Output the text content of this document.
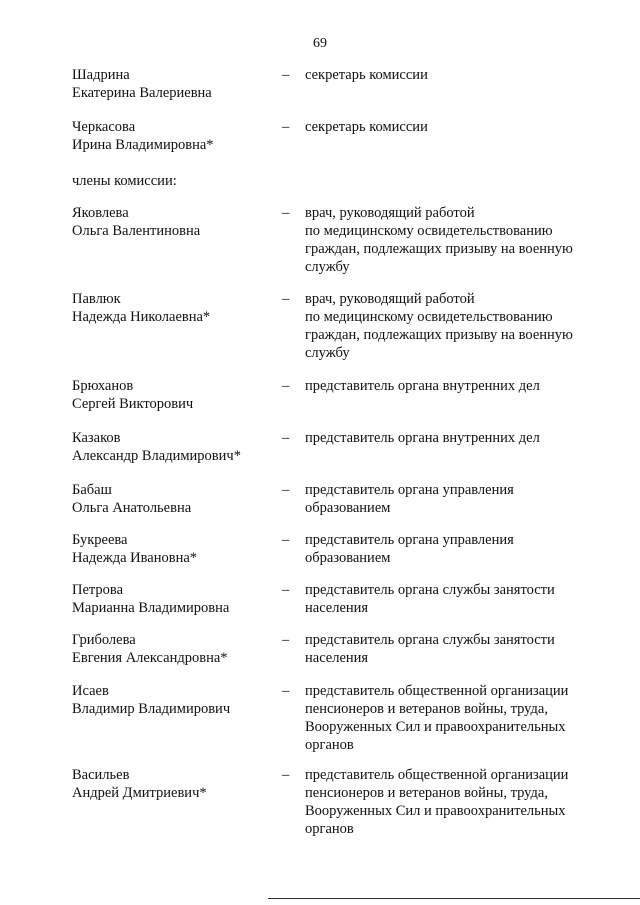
69
Шадрина
Екатерина Валериевна
– секретарь комиссии
Черкасова
Ирина Владимировна*
– секретарь комиссии
члены комиссии:
Яковлева
Ольга Валентиновна
– врач, руководящий работой
по медицинскому освидетельствованию
граждан, подлежащих призыву на военную
службу
Павлюк
Надежда Николаевна*
– врач, руководящий работой
по медицинскому освидетельствованию
граждан, подлежащих призыву на военную
службу
Брюханов
Сергей Викторович
– представитель органа внутренних дел
Казаков
Александр Владимирович*
– представитель органа внутренних дел
Бабаш
Ольга Анатольевна
– представитель органа управления
образованием
Букреева
Надежда Ивановна*
– представитель органа управления
образованием
Петрова
Марианна Владимировна
– представитель органа службы занятости
населения
Гриболева
Евгения Александровна*
– представитель органа службы занятости
населения
Исаев
Владимир Владимирович
– представитель общественной организации
пенсионеров и ветеранов войны, труда,
Вооруженных Сил и правоохранительных
органов
Васильев
Андрей Дмитриевич*
– представитель общественной организации
пенсионеров и ветеранов войны, труда,
Вооруженных Сил и правоохранительных
органов
